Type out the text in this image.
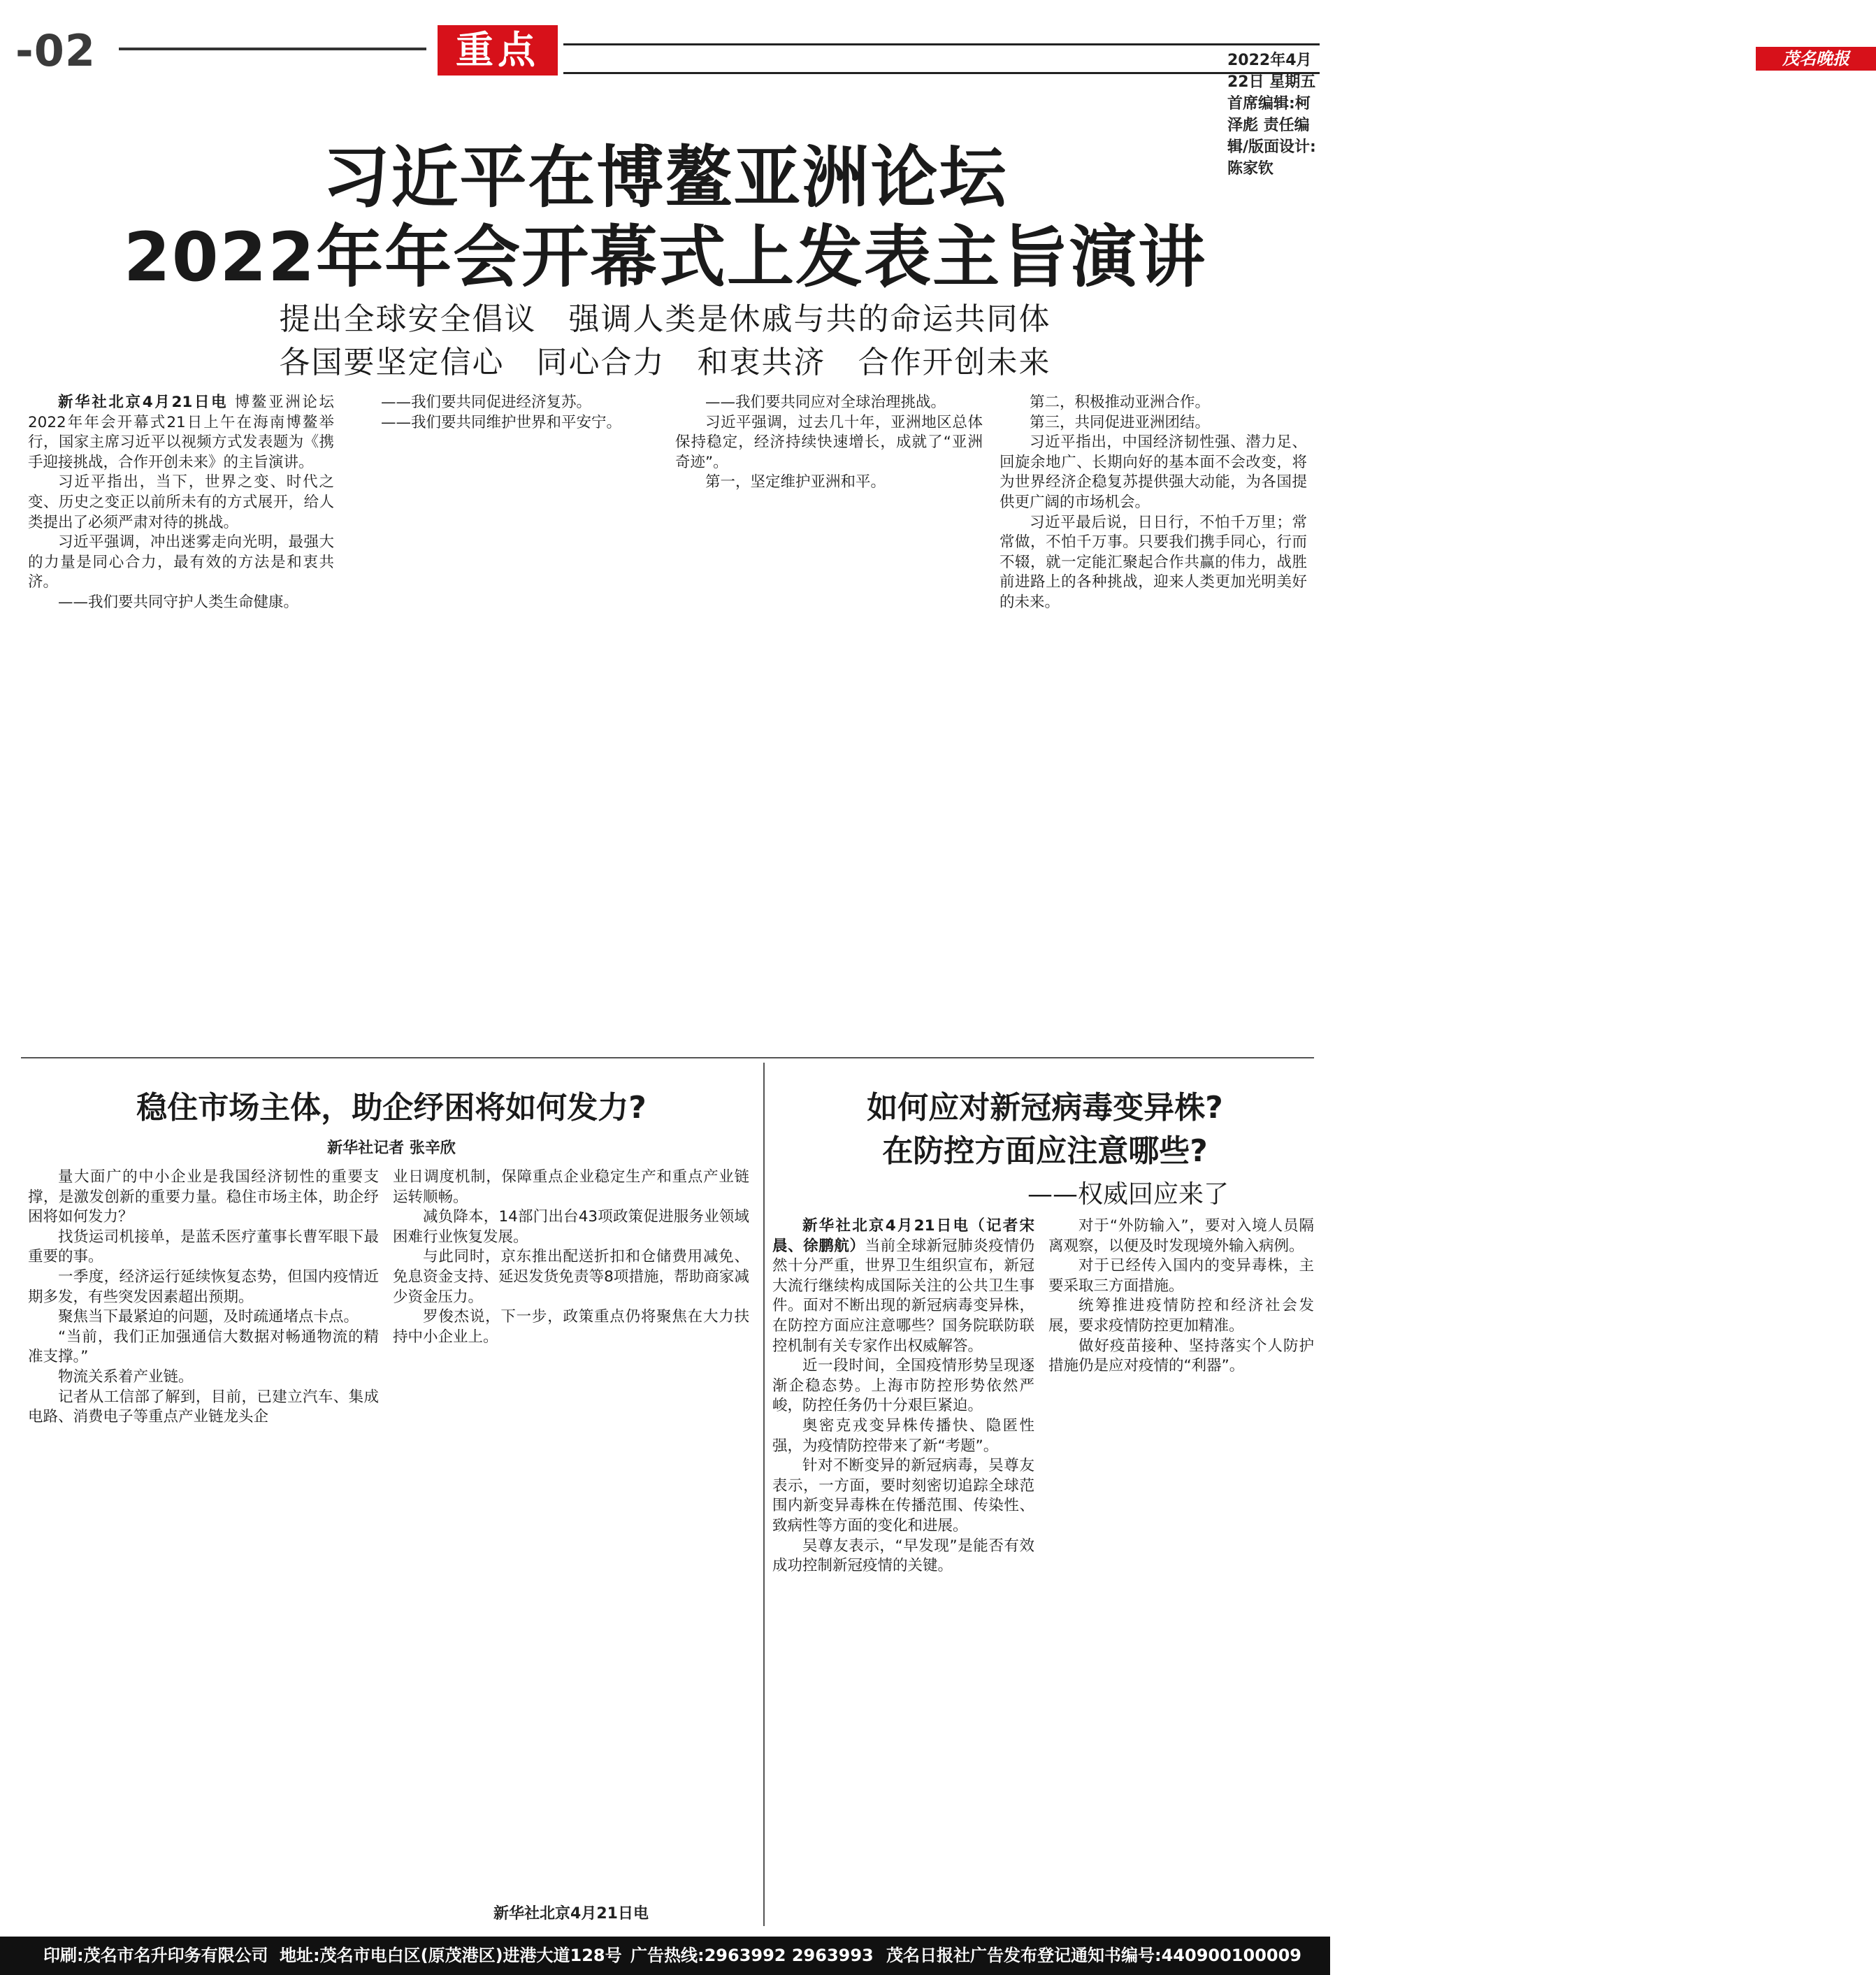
-02	重点	2022年4月22日 星期五 首席编辑:柯泽彪 责任编辑/版面设计:陈家钦
茂名晚报
习近平在博鳌亚洲论坛
2022年年会开幕式上发表主旨演讲
提出全球安全倡议　强调人类是休戚与共的命运共同体
各国要坚定信心　同心合力　和衷共济　合作开创未来

新华社北京4月21日电 博鳌亚洲论坛2022年年会开幕式21日上午在海南博鳌举行，国家主席习近平以视频方式发表题为《携手迎接挑战，合作开创未来》的主旨演讲。

习近平指出，当下，世界之变、时代之变、历史之变正以前所未有的方式展开，给人类提出了必须严肃对待的挑战。

习近平强调，冲出迷雾走向光明，最强大的力量是同心合力，最有效的方法是和衷共济。

——我们要共同守护人类生命健康。

——我们要共同促进经济复苏。

——我们要共同维护世界和平安宁。

——我们要共同应对全球治理挑战。

习近平强调，过去几十年，亚洲地区总体保持稳定，经济持续快速增长，成就了“亚洲奇迹”。

第一，坚定维护亚洲和平。

第二，积极推动亚洲合作。

第三，共同促进亚洲团结。

习近平指出，中国经济韧性强、潜力足、回旋余地广、长期向好的基本面不会改变，将为世界经济企稳复苏提供强大动能，为各国提供更广阔的市场机会。

习近平最后说，日日行，不怕千万里；常常做，不怕千万事。只要我们携手同心，行而不辍，就一定能汇聚起合作共赢的伟力，战胜前进路上的各种挑战，迎来人类更加光明美好的未来。

稳住市场主体，助企纾困将如何发力?
新华社记者 张辛欣

量大面广的中小企业是我国经济韧性的重要支撑，是激发创新的重要力量。稳住市场主体，助企纾困将如何发力？

找货运司机接单，是蓝禾医疗董事长曹军眼下最重要的事。

一季度，经济运行延续恢复态势，但国内疫情近期多发，有些突发因素超出预期。

聚焦当下最紧迫的问题，及时疏通堵点卡点。

“当前，我们正加强通信大数据对畅通物流的精准支撑。”

物流关系着产业链。

记者从工信部了解到，目前，已建立汽车、集成电路、消费电子等重点产业链龙头企

业日调度机制，保障重点企业稳定生产和重点产业链运转顺畅。

减负降本，14部门出台43项政策促进服务业领域困难行业恢复发展。

与此同时，京东推出配送折扣和仓储费用减免、免息资金支持、延迟发货免责等8项措施，帮助商家减少资金压力。

罗俊杰说，下一步，政策重点仍将聚焦在大力扶持中小企业上。

新华社北京4月21日电
如何应对新冠病毒变异株?
在防控方面应注意哪些?
——权威回应来了

新华社北京4月21日电（记者宋晨、徐鹏航）当前全球新冠肺炎疫情仍然十分严重，世界卫生组织宣布，新冠大流行继续构成国际关注的公共卫生事件。面对不断出现的新冠病毒变异株，在防控方面应注意哪些？国务院联防联控机制有关专家作出权威解答。

近一段时间，全国疫情形势呈现逐渐企稳态势。上海市防控形势依然严峻，防控任务仍十分艰巨紧迫。

奥密克戎变异株传播快、隐匿性强，为疫情防控带来了新“考题”。

针对不断变异的新冠病毒，吴尊友表示，一方面，要时刻密切追踪全球范围内新变异毒株在传播范围、传染性、致病性等方面的变化和进展。

吴尊友表示，“早发现”是能否有效成功控制新冠疫情的关键。

对于“外防输入”，要对入境人员隔离观察，以便及时发现境外输入病例。

对于已经传入国内的变异毒株，主要采取三方面措施。

统筹推进疫情防控和经济社会发展，要求疫情防控更加精准。

做好疫苗接种、坚持落实个人防护措施仍是应对疫情的“利器”。

印刷:茂名市名升印务有限公司 地址:茂名市电白区(原茂港区)进港大道128号 广告热线:2963992 2963993 茂名日报社广告发布登记通知书编号:440900100009
